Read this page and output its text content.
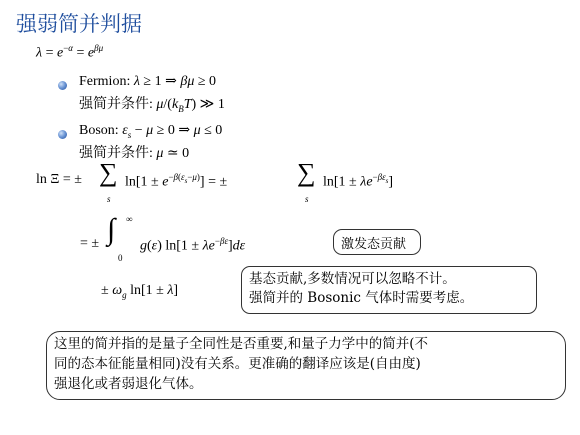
强弱简并判据
$\lambda = e^{-\alpha} = e^{\beta\mu}$
Fermion: λ ≥ 1 ⇒ βμ ≥ 0
强简并条件: $\mu/(k_BT)$ ≫ 1
Boson: $\varepsilon_s - \mu \ge 0$ ⇒ μ ≤ 0
强简并条件: μ ≃ 0
ln Ξ = ± ∑
s
$\ln[1 \pm e^{-\beta(\varepsilon_s-\mu)}]$ = ±	∑
s
$\ln[1 \pm \lambda e^{-\beta\varepsilon_s}]$
= ± ∫ ∞
0
g(ε) $\ln[1 \pm \lambda e^{-\beta\varepsilon}]d\varepsilon$	激发态贡献
± $\omega_g$ ln[1 ± λ]
基态贡献,多数情况可以忽略不计。
强简并的 Bosonic 气体时需要考虑。
这里的简并指的是量子全同性是否重要,和量子力学中的简并(不
同的态本征能量相同)没有关系。更准确的翻译应该是(自由度)
强退化或者弱退化气体。
